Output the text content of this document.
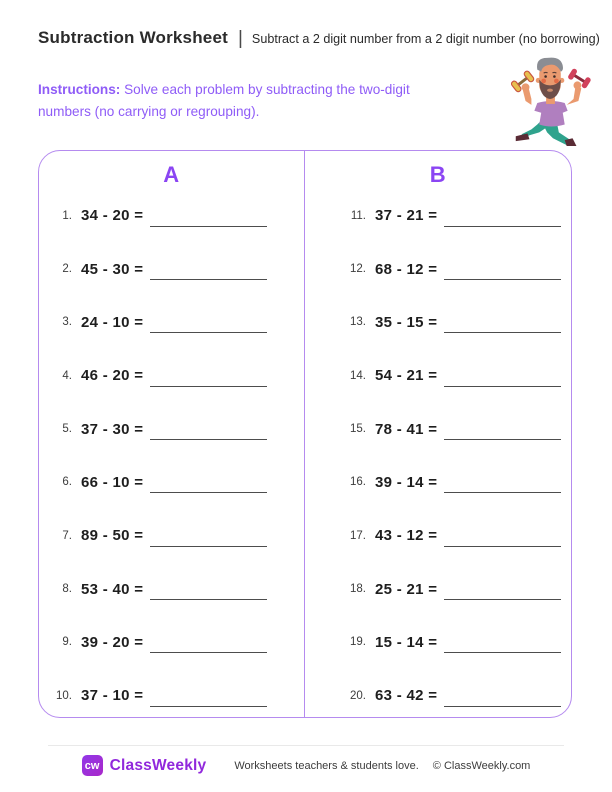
Subtraction Worksheet | Subtract a 2 digit number from a 2 digit number (no borrowing)

Instructions: Solve each problem by subtracting the two-digit numbers (no carrying or regrouping).

A
1. 34 - 20 =
2. 45 - 30 =
3. 24 - 10 =
4. 46 - 20 =
5. 37 - 30 =
6. 66 - 10 =
7. 89 - 50 =
8. 53 - 40 =
9. 39 - 20 =
10. 37 - 10 =
B
11. 37 - 21 =
12. 68 - 12 =
13. 35 - 15 =
14. 54 - 21 =
15. 78 - 41 =
16. 39 - 14 =
17. 43 - 12 =
18. 25 - 21 =
19. 15 - 14 =
20. 63 - 42 =
cw ClassWeekly	Worksheets teachers & students love. © ClassWeekly.com
